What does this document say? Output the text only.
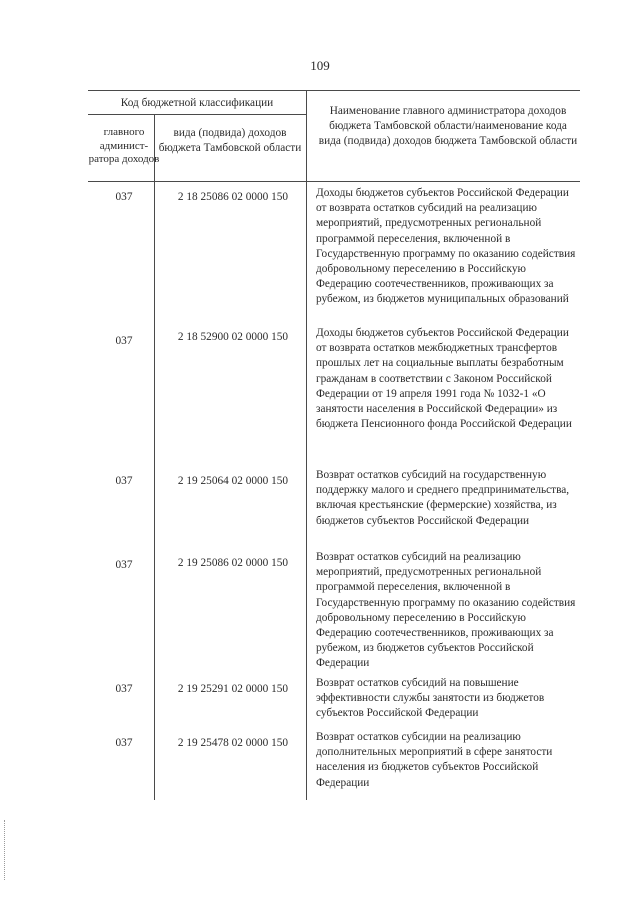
109
Код бюджетной классификации
главного админист-ратора доходов
вида (подвида) доходов бюджета Тамбовской области
Наименование главного администратора доходов бюджета Тамбовской области/наименование кода вида (подвида) доходов бюджета Тамбовской области
037	2 18 25086 02 0000 150	Доходы бюджетов субъектов Российской Федерации от возврата остатков субсидий на реализацию мероприятий, предусмотренных региональной программой переселения, включенной в Государственную программу по оказанию содействия добровольному переселению в Российскую Федерацию соотечественников, проживающих за рубежом, из бюджетов муниципальных образований
037	2 18 52900 02 0000 150	Доходы бюджетов субъектов Российской Федерации от возврата остатков межбюджетных трансфертов прошлых лет на социальные выплаты безработным гражданам в соответствии с Законом Российской Федерации от 19 апреля 1991 года № 1032-1 «О занятости населения в Российской Федерации» из бюджета Пенсионного фонда Российской Федерации
037	2 19 25064 02 0000 150	Возврат остатков субсидий на государственную поддержку малого и среднего предпринимательства, включая крестьянские (фермерские) хозяйства, из бюджетов субъектов Российской Федерации
037	2 19 25086 02 0000 150	Возврат остатков субсидий на реализацию мероприятий, предусмотренных региональной программой переселения, включенной в Государственную программу по оказанию содействия добровольному переселению в Российскую Федерацию соотечественников, проживающих за рубежом, из бюджетов субъектов Российской Федерации
037	2 19 25291 02 0000 150	Возврат остатков субсидий на повышение эффективности службы занятости из бюджетов субъектов Российской Федерации
037	2 19 25478 02 0000 150	Возврат остатков субсидии на реализацию дополнительных мероприятий в сфере занятости населения из бюджетов субъектов Российской Федерации
